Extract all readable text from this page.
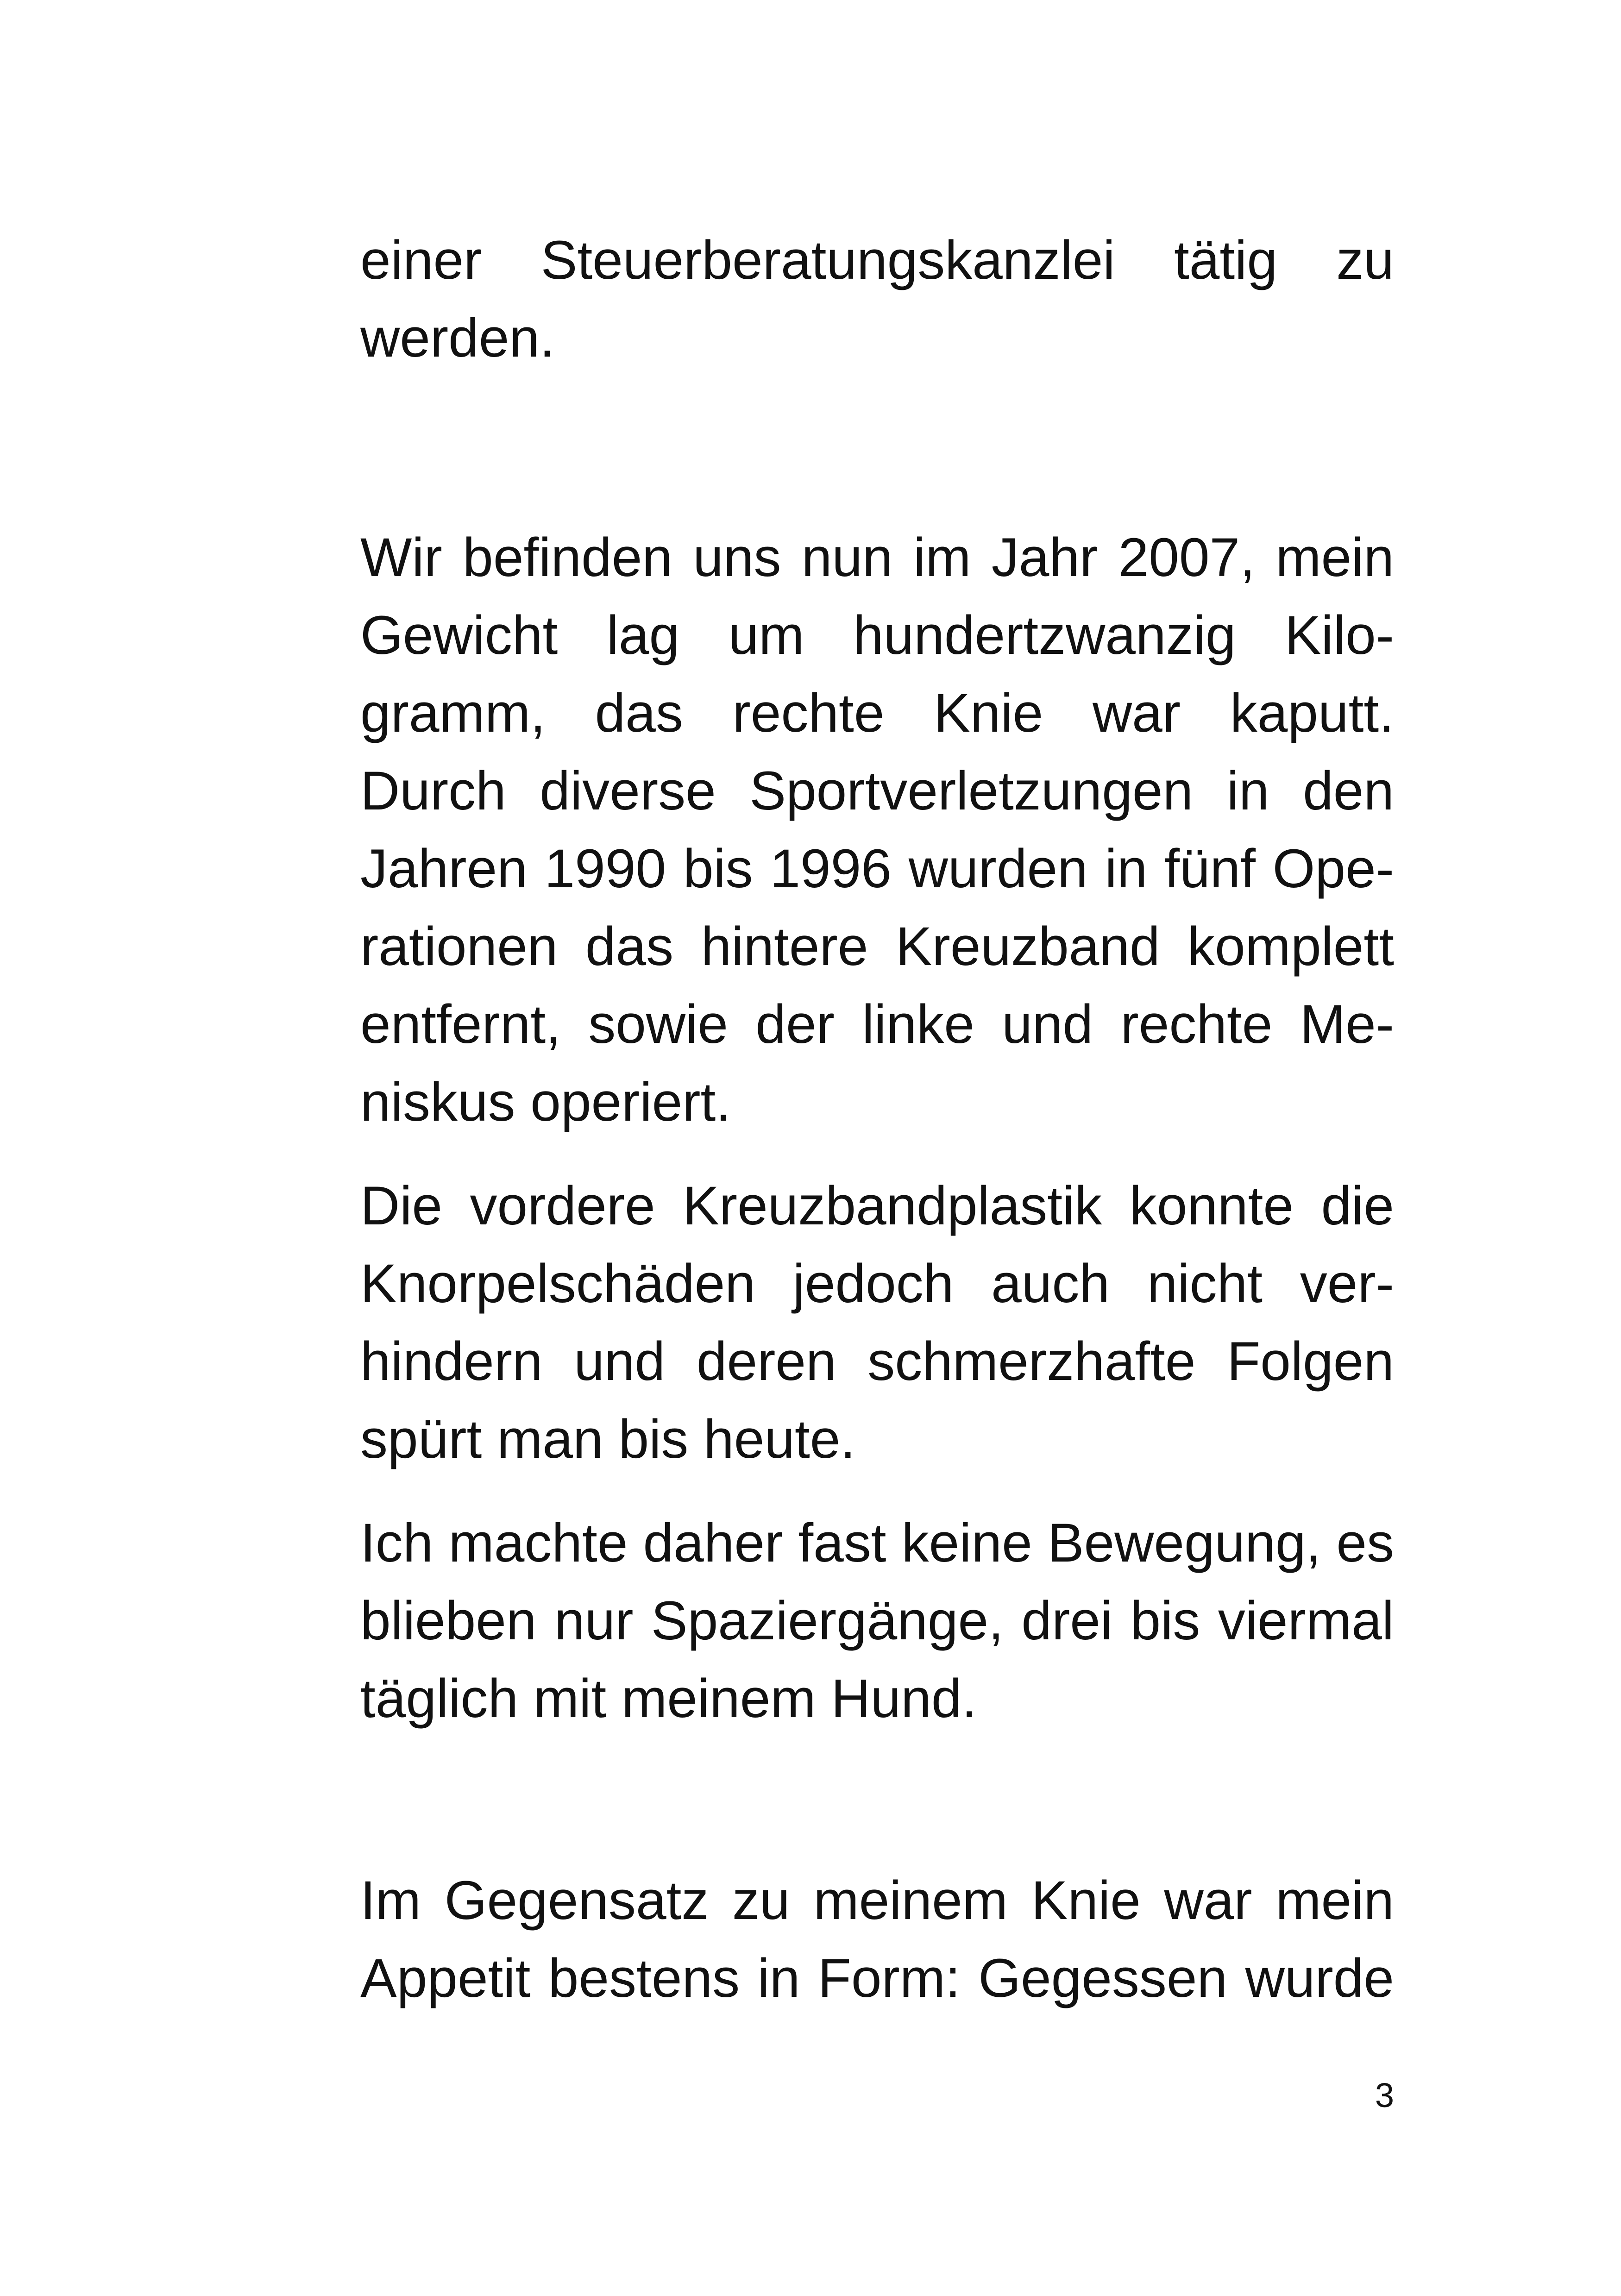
einer Steuerberatungskanzlei tätig zu

werden.

Wir befinden uns nun im Jahr 2007, mein

Gewicht lag um hundertzwanzig Kilo-

gramm, das rechte Knie war kaputt.

Durch diverse Sportverletzungen in den

Jahren 1990 bis 1996 wurden in fünf Ope-

rationen das hintere Kreuzband komplett

entfernt, sowie der linke und rechte Me-

niskus operiert.

Die vordere Kreuzbandplastik konnte die

Knorpelschäden jedoch auch nicht ver-

hindern und deren schmerzhafte Folgen

spürt man bis heute.

Ich machte daher fast keine Bewegung, es

blieben nur Spaziergänge, drei bis viermal

täglich mit meinem Hund.

Im Gegensatz zu meinem Knie war mein

Appetit bestens in Form: Gegessen wurde

3
